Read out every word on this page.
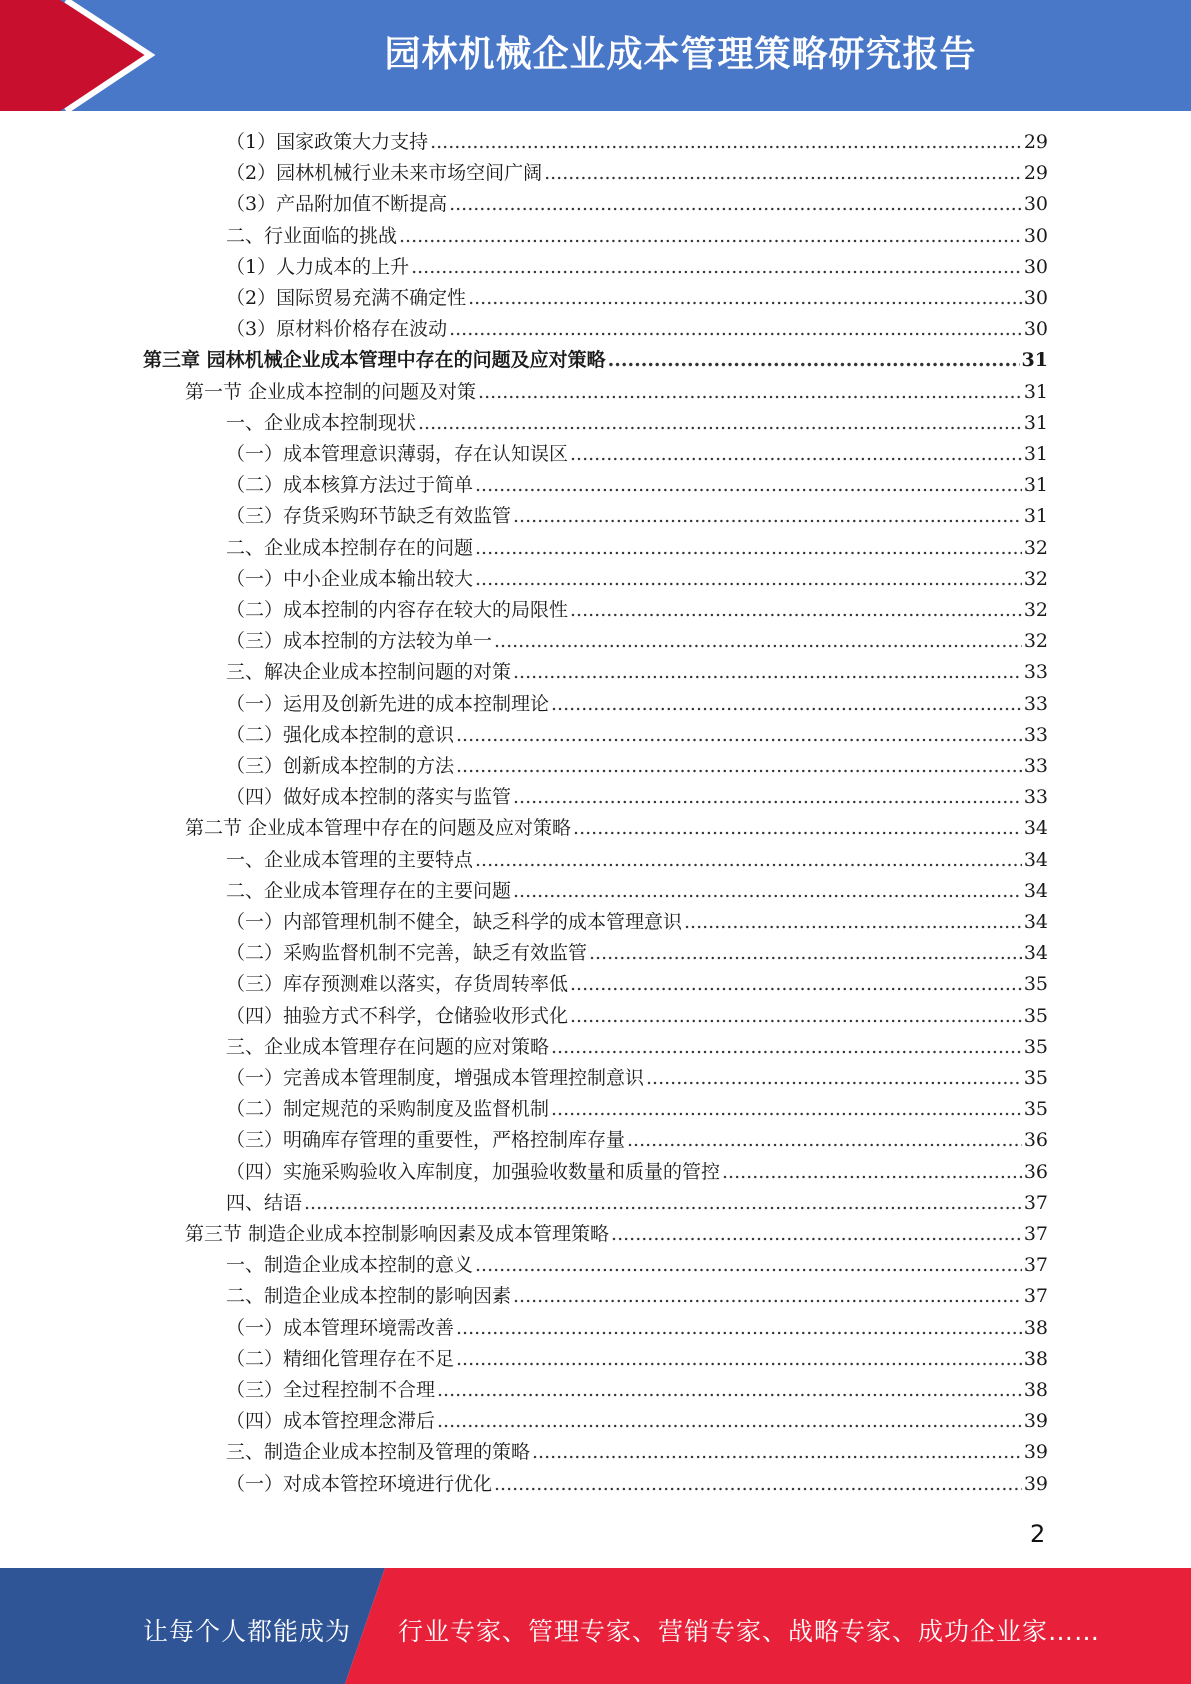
园林机械企业成本管理策略研究报告
（1）国家政策大力支持 .....	29
（2）园林机械行业未来市场空间广阔 .....	29
（3）产品附加值不断提高 .....	30
二、行业面临的挑战 .....	30
（1）人力成本的上升 .....	30
（2）国际贸易充满不确定性 .....	30
（3）原材料价格存在波动 .....	30
第三章 园林机械企业成本管理中存在的问题及应对策略 .....	31
第一节 企业成本控制的问题及对策 .....	31
一、企业成本控制现状 .....	31
（一）成本管理意识薄弱，存在认知误区 .....	31
（二）成本核算方法过于简单 .....	31
（三）存货采购环节缺乏有效监管 .....	31
二、企业成本控制存在的问题 .....	32
（一）中小企业成本输出较大 .....	32
（二）成本控制的内容存在较大的局限性 .....	32
（三）成本控制的方法较为单一 .....	32
三、解决企业成本控制问题的对策 .....	33
（一）运用及创新先进的成本控制理论 .....	33
（二）强化成本控制的意识 .....	33
（三）创新成本控制的方法 .....	33
（四）做好成本控制的落实与监管 .....	33
第二节 企业成本管理中存在的问题及应对策略 .....	34
一、企业成本管理的主要特点 .....	34
二、企业成本管理存在的主要问题 .....	34
（一）内部管理机制不健全，缺乏科学的成本管理意识 .....	34
（二）采购监督机制不完善，缺乏有效监管 .....	34
（三）库存预测难以落实，存货周转率低 .....	35
（四）抽验方式不科学，仓储验收形式化 .....	35
三、企业成本管理存在问题的应对策略 .....	35
（一）完善成本管理制度，增强成本管理控制意识 .....	35
（二）制定规范的采购制度及监督机制 .....	35
（三）明确库存管理的重要性，严格控制库存量 .....	36
（四）实施采购验收入库制度，加强验收数量和质量的管控 .....	36
四、结语 .....	37
第三节 制造企业成本控制影响因素及成本管理策略 .....	37
一、制造企业成本控制的意义 .....	37
二、制造企业成本控制的影响因素 .....	37
（一）成本管理环境需改善 .....	38
（二）精细化管理存在不足 .....	38
（三）全过程控制不合理 .....	38
（四）成本管控理念滞后 .....	39
三、制造企业成本控制及管理的策略 .....	39
（一）对成本管控环境进行优化 .....	39
2
让每个人都能成为 行业专家、管理专家、营销专家、战略专家、成功企业家……
